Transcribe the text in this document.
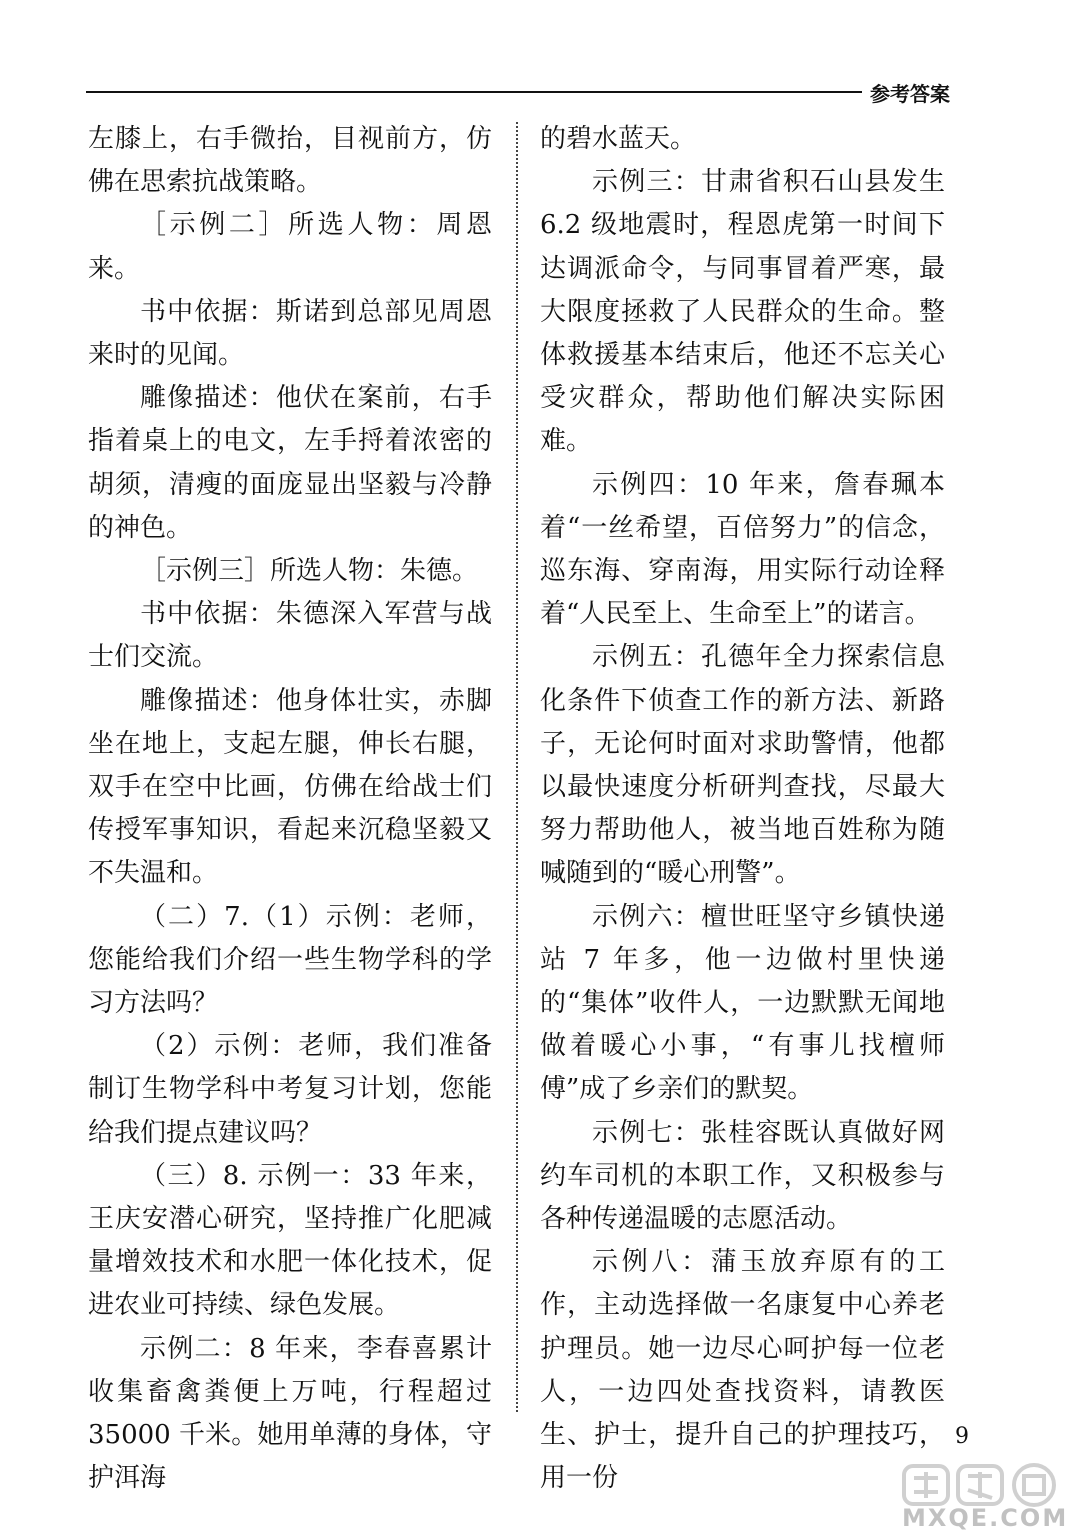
参考答案

左膝上，右手微抬，目视前方，仿佛在思索抗战策略。

［示例二］所选人物：周恩来。

书中依据：斯诺到总部见周恩来时的见闻。

雕像描述：他伏在案前，右手指着桌上的电文，左手捋着浓密的胡须，清瘦的面庞显出坚毅与冷静的神色。

［示例三］所选人物：朱德。

书中依据：朱德深入军营与战士们交流。

雕像描述：他身体壮实，赤脚坐在地上，支起左腿，伸长右腿，双手在空中比画，仿佛在给战士们传授军事知识，看起来沉稳坚毅又不失温和。

（二）7.（1）示例：老师，您能给我们介绍一些生物学科的学习方法吗？

（2）示例：老师，我们准备制订生物学科中考复习计划，您能给我们提点建议吗？

（三）8. 示例一：33 年来，王庆安潜心研究，坚持推广化肥减量增效技术和水肥一体化技术，促进农业可持续、绿色发展。

示例二：8 年来，李春喜累计收集畜禽粪便上万吨，行程超过 35000 千米。她用单薄的身体，守护洱海

的碧水蓝天。

示例三：甘肃省积石山县发生 6.2 级地震时，程恩虎第一时间下达调派命令，与同事冒着严寒，最大限度拯救了人民群众的生命。整体救援基本结束后，他还不忘关心受灾群众，帮助他们解决实际困难。

示例四：10 年来，詹春珮本着“一丝希望，百倍努力”的信念，巡东海、穿南海，用实际行动诠释着“人民至上、生命至上”的诺言。

示例五：孔德年全力探索信息化条件下侦查工作的新方法、新路子，无论何时面对求助警情，他都以最快速度分析研判查找，尽最大努力帮助他人，被当地百姓称为随喊随到的“暖心刑警”。

示例六：檀世旺坚守乡镇快递站 7 年多，他一边做村里快递的“集体”收件人，一边默默无闻地做着暖心小事，“有事儿找檀师傅”成了乡亲们的默契。

示例七：张桂容既认真做好网约车司机的本职工作，又积极参与各种传递温暖的志愿活动。

示例八：蒲玉放弃原有的工作，主动选择做一名康复中心养老护理员。她一边尽心呵护每一位老人，一边四处查找资料，请教医生、护士，提升自己的护理技巧，用一份

9
MXQE.COM
